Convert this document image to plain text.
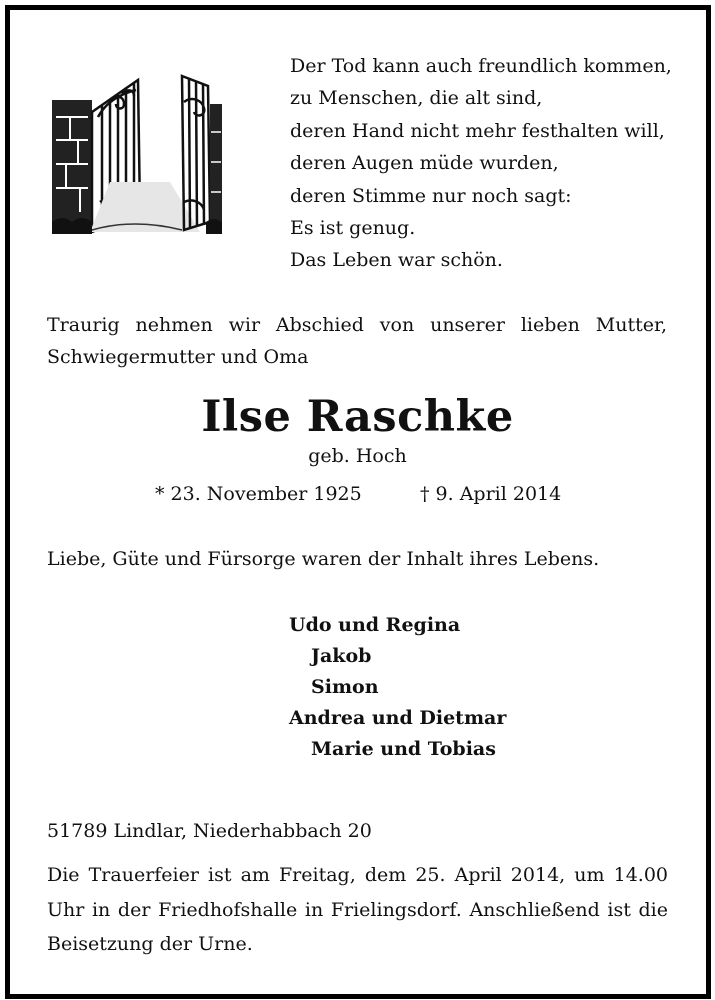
Der Tod kann auch freundlich kommen,
zu Menschen, die alt sind,
deren Hand nicht mehr festhalten will,
deren Augen müde wurden,
deren Stimme nur noch sagt:
Es ist genug.
Das Leben war schön.
Traurig nehmen wir Abschied von unserer lieben Mutter,
Schwiegermutter und Oma
Ilse Raschke
geb. Hoch
* 23. November 1925	† 9. April 2014
Liebe, Güte und Fürsorge waren der Inhalt ihres Lebens.
Udo und Regina
Jakob
Simon
Andrea und Dietmar
Marie und Tobias
51789 Lindlar, Niederhabbach 20
Die Trauerfeier ist am Freitag, dem 25. April 2014, um 14.00 Uhr in der Friedhofshalle in Frielingsdorf. Anschließend ist die Beisetzung der Urne.
